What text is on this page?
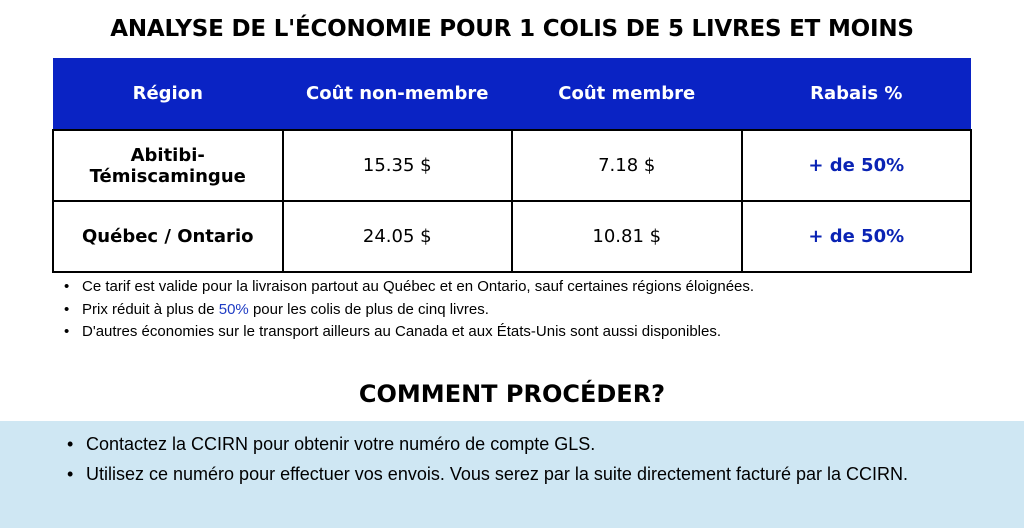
ANALYSE DE L'ÉCONOMIE POUR 1 COLIS DE 5 LIVRES ET MOINS
Région	Coût non-membre	Coût membre	Rabais %
Abitibi-Témiscamingue	15.35 $	7.18 $	+ de 50%
Québec / Ontario	24.05 $	10.81 $	+ de 50%
• Ce tarif est valide pour la livraison partout au Québec et en Ontario, sauf certaines régions éloignées.
• Prix réduit à plus de 50% pour les colis de plus de cinq livres.
• D'autres économies sur le transport ailleurs au Canada et aux États-Unis sont aussi disponibles.
COMMENT PROCÉDER?
• Contactez la CCIRN pour obtenir votre numéro de compte GLS.
• Utilisez ce numéro pour effectuer vos envois. Vous serez par la suite directement facturé par la CCIRN.
